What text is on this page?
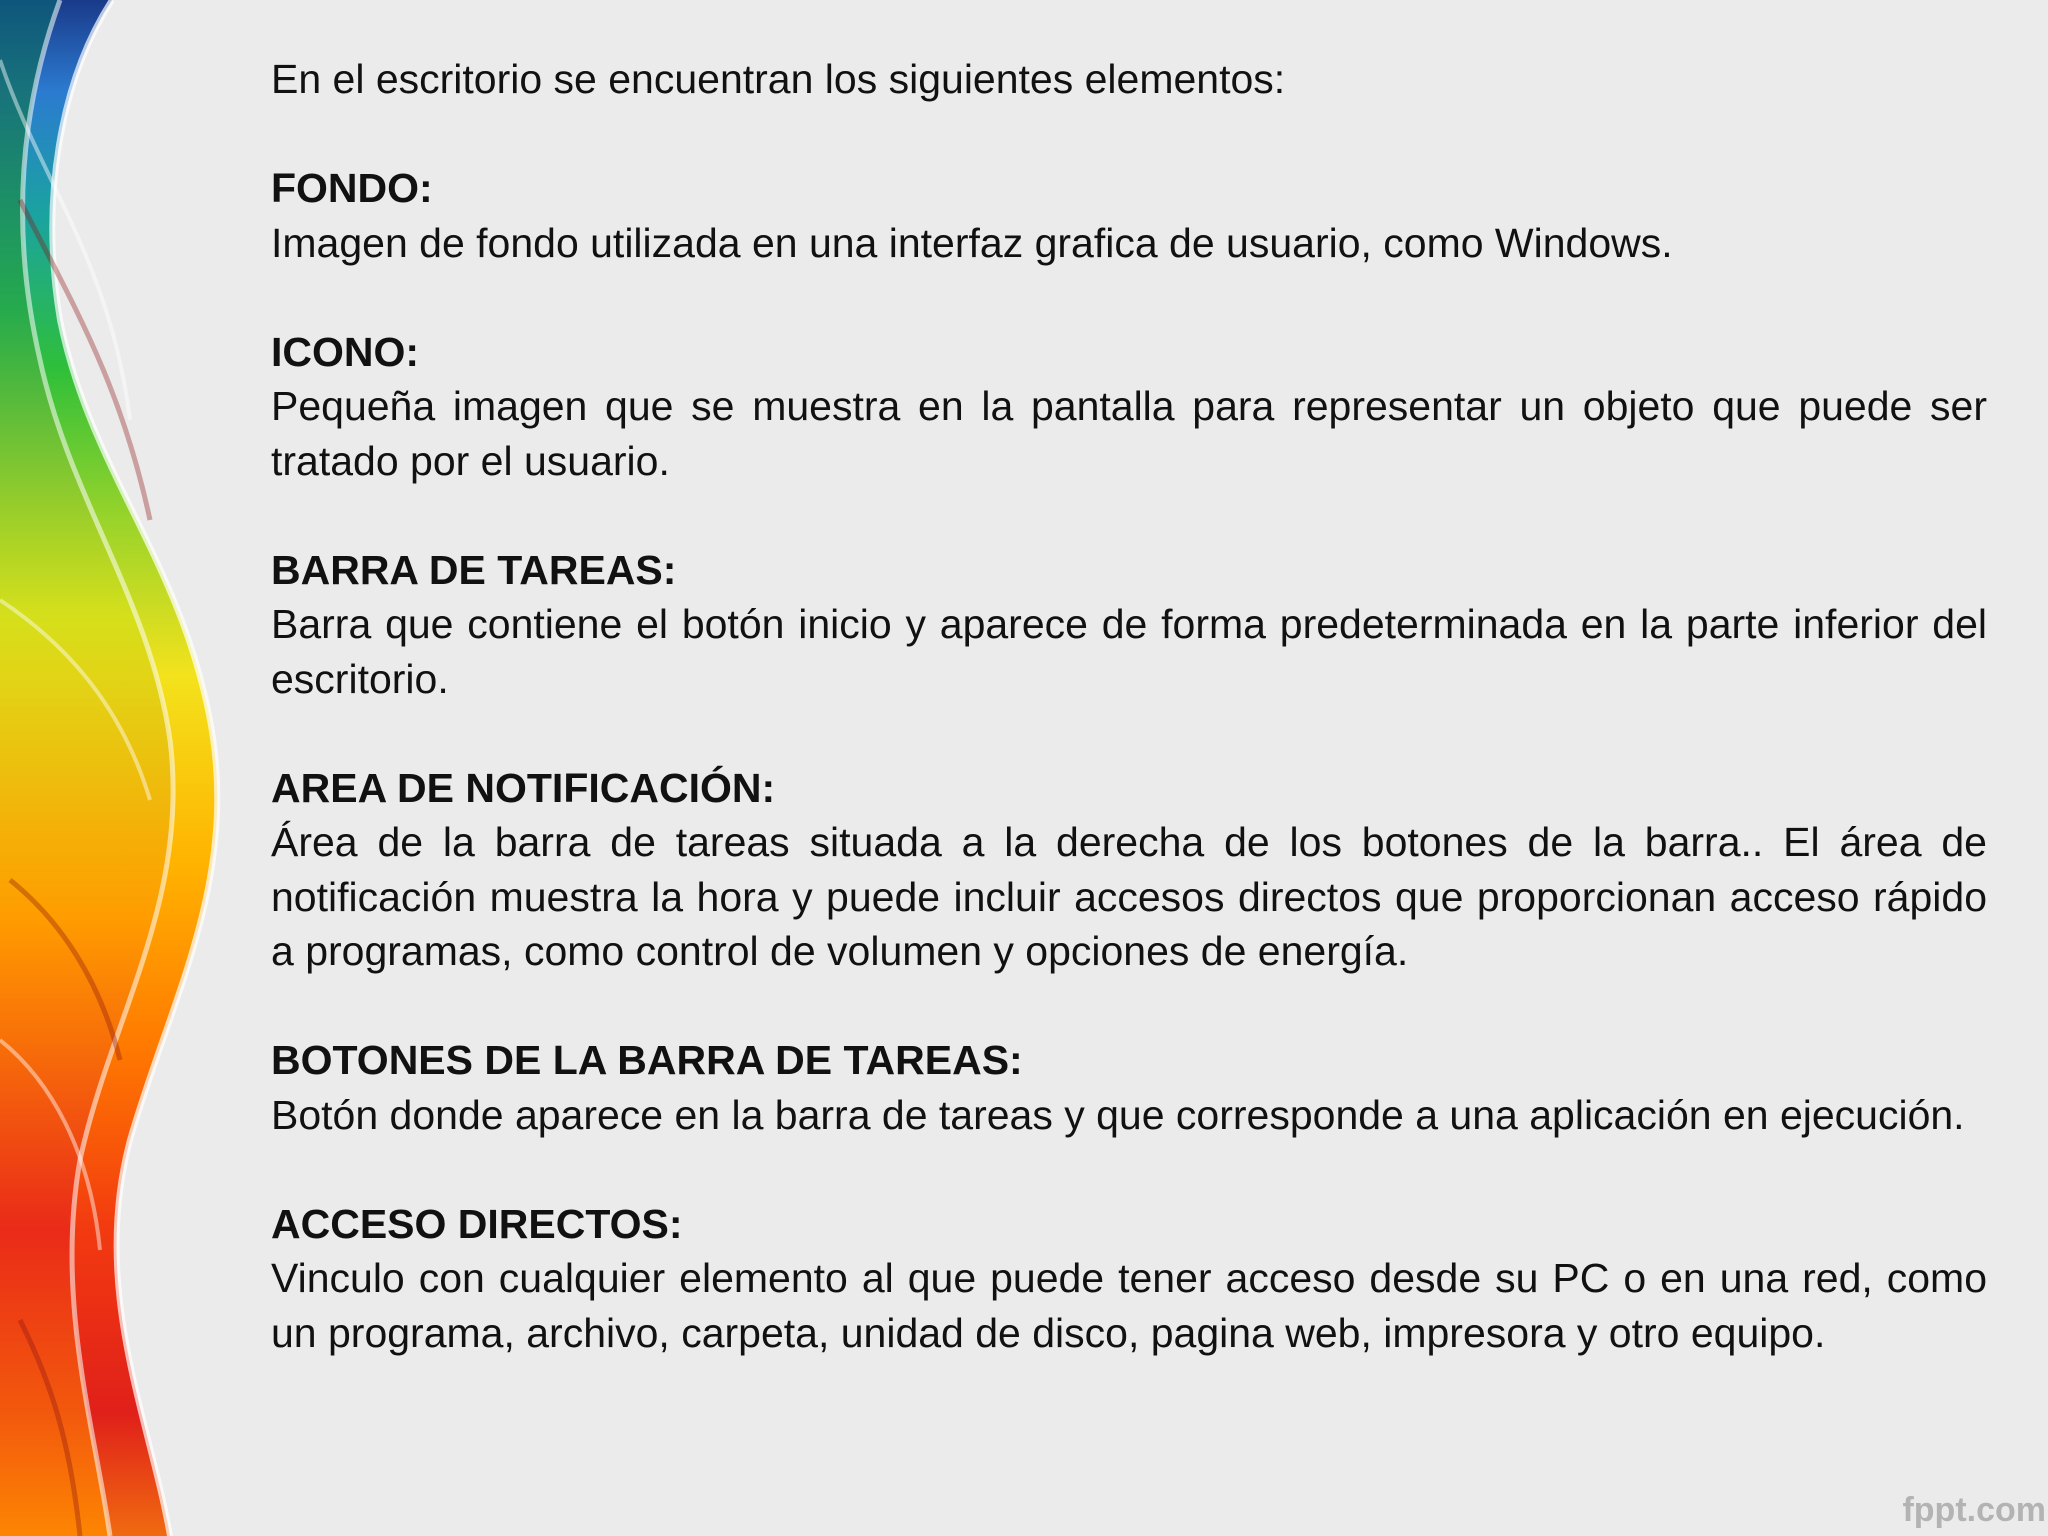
En el escritorio se encuentran los siguientes elementos:

FONDO:

Imagen de fondo utilizada en una interfaz grafica de usuario, como Windows.

ICONO:

Pequeña imagen que se muestra en la pantalla para representar un objeto que puede ser tratado por el usuario.

BARRA DE TAREAS:

Barra que contiene el botón inicio y aparece de forma predeterminada en la parte inferior del escritorio.

AREA DE NOTIFICACIÓN:

Área de la barra de tareas situada a la derecha de los botones de la barra.. El área de notificación muestra la hora y puede incluir accesos directos que proporcionan acceso rápido a programas, como control de volumen y opciones de energía.

BOTONES DE LA BARRA DE TAREAS:

Botón donde aparece en la barra de tareas y que corresponde a una aplicación en ejecución.

ACCESO DIRECTOS:

Vinculo con cualquier elemento al que puede tener acceso desde su PC o en una red, como un programa, archivo, carpeta, unidad de disco, pagina web, impresora y otro equipo.

fppt.com
